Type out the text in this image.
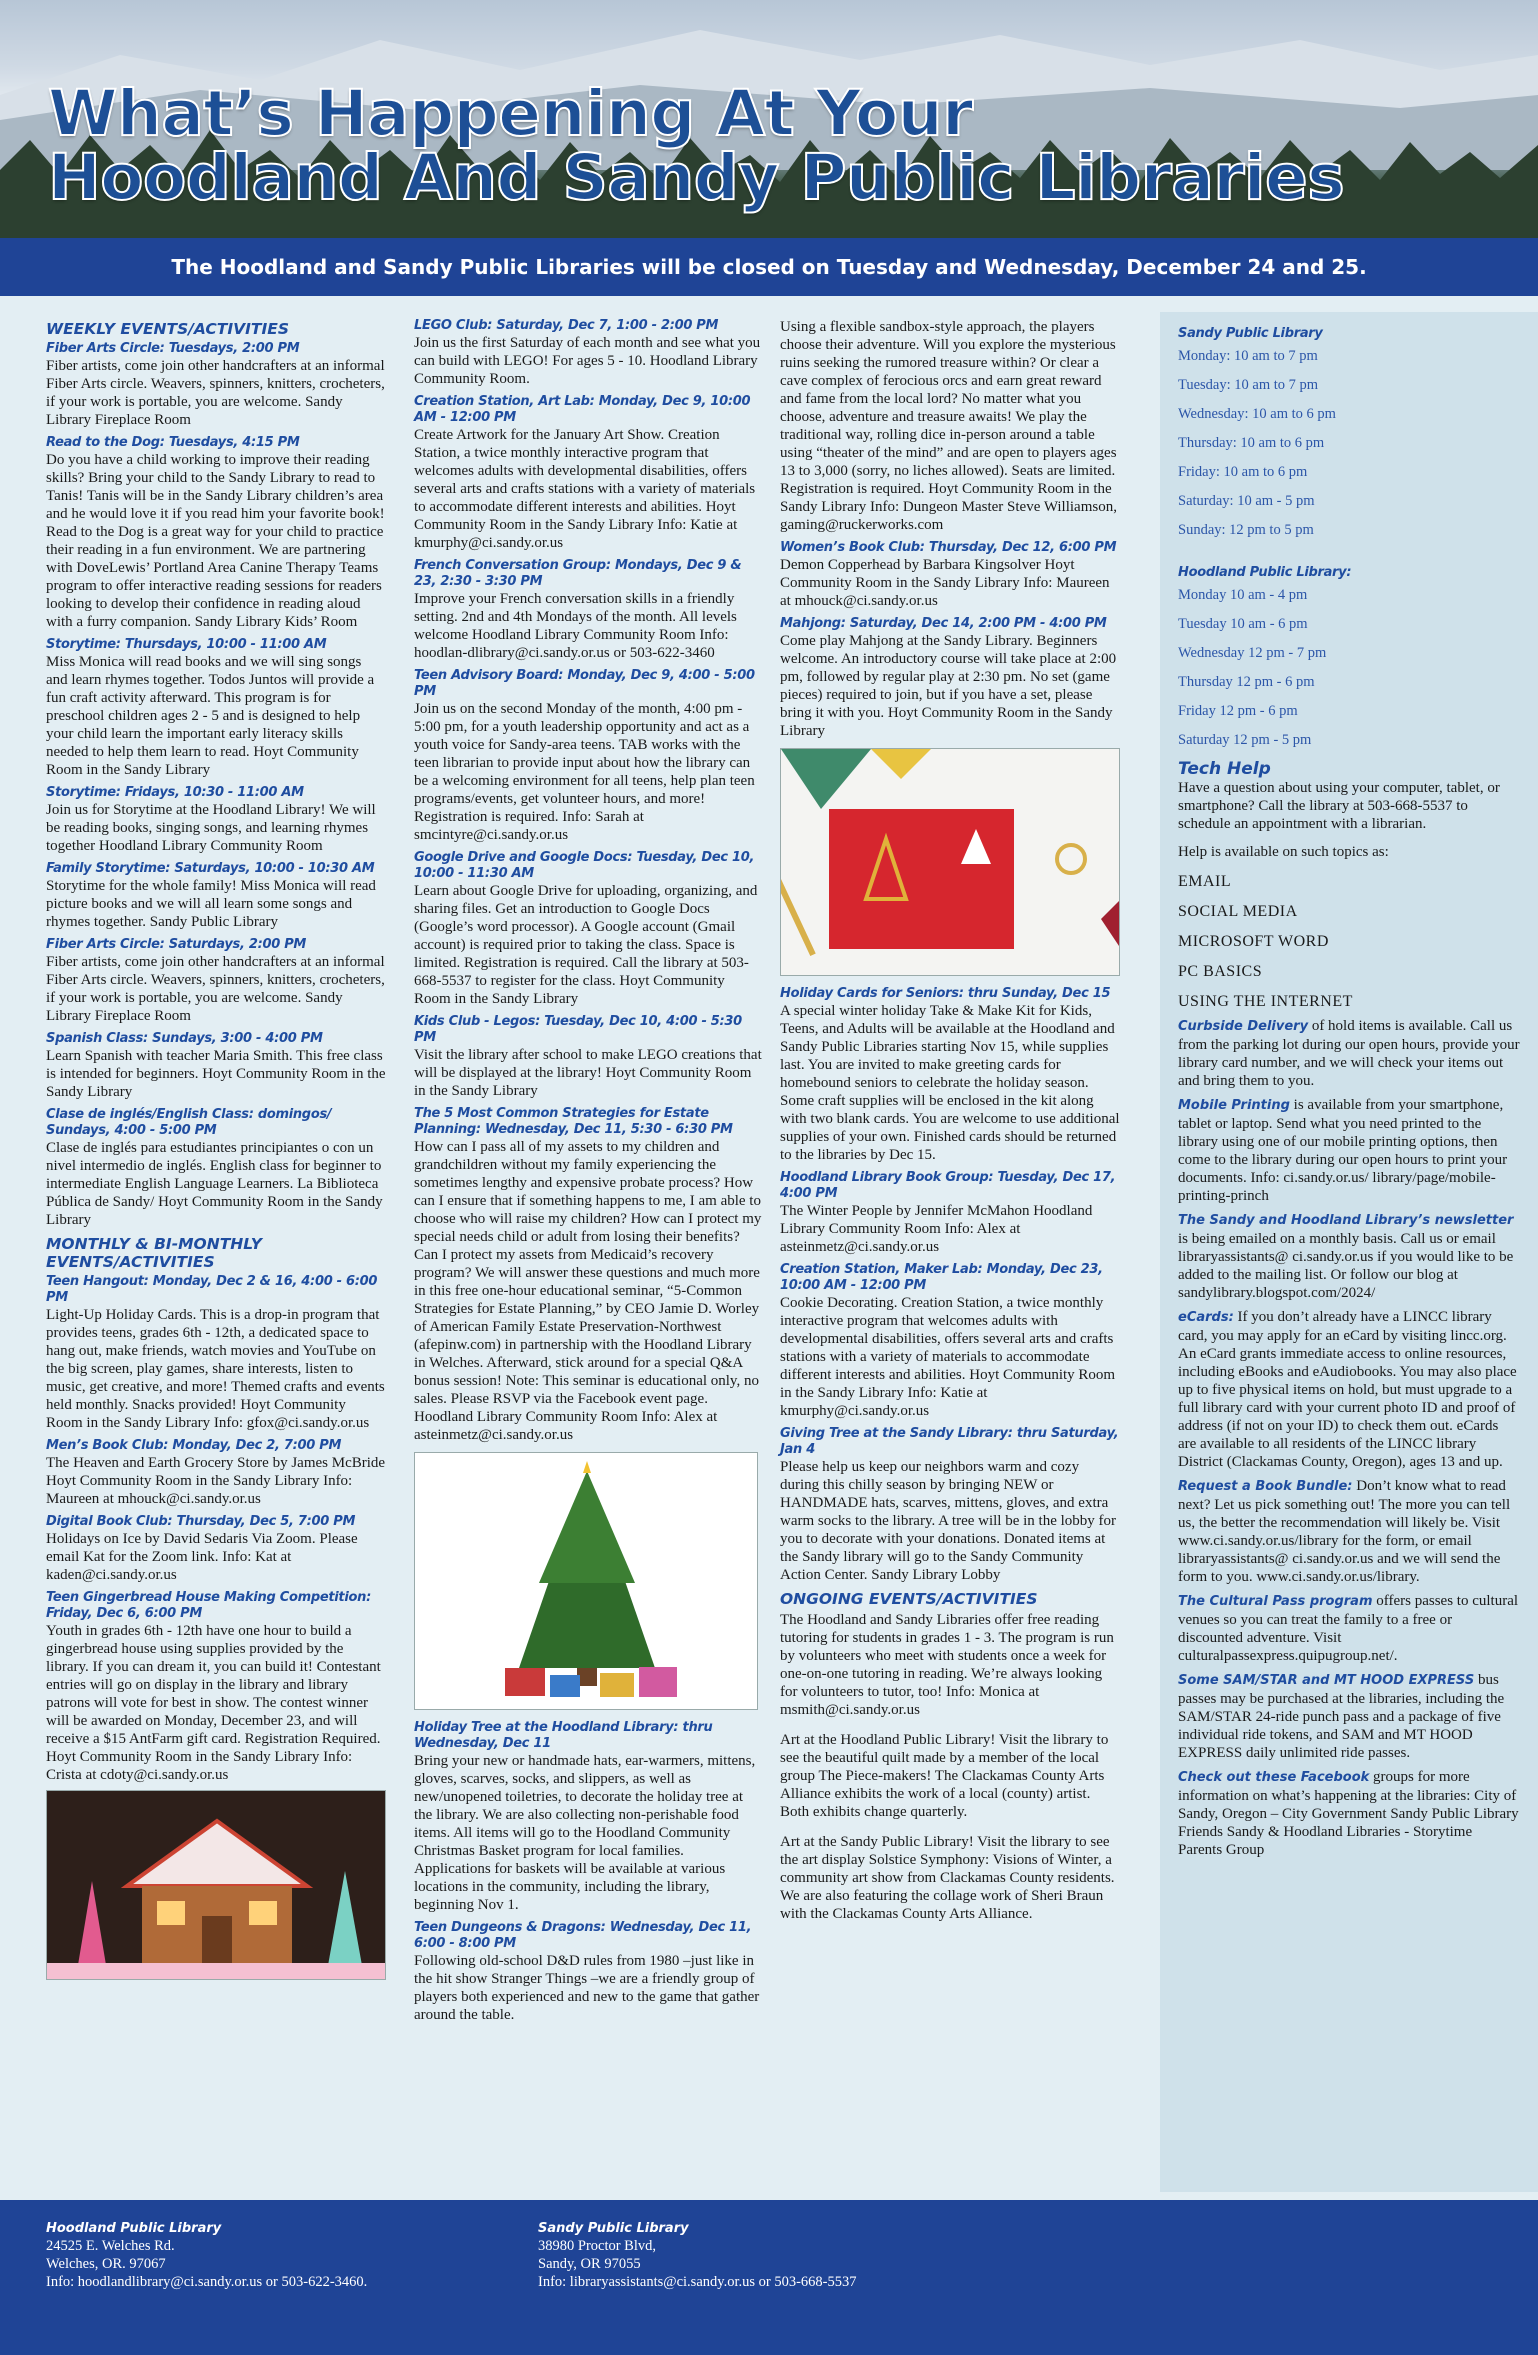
What’s Happening At Your
Hoodland And Sandy Public Libraries
The Hoodland and Sandy Public Libraries will be closed on Tuesday and Wednesday, December 24 and 25.
WEEKLY EVENTS/ACTIVITIES
Fiber Arts Circle: Tuesdays, 2:00 PM
Fiber artists, come join other handcrafters at an informal Fiber Arts circle. Weavers, spinners, knitters, crocheters, if your work is portable, you are welcome. Sandy Library Fireplace Room
Read to the Dog: Tuesdays, 4:15 PM
Do you have a child working to improve their reading skills? Bring your child to the Sandy Library to read to Tanis! Tanis will be in the Sandy Library children’s area and he would love it if you read him your favorite book! Read to the Dog is a great way for your child to practice their reading in a fun environment. We are partnering with DoveLewis’ Portland Area Canine Therapy Teams program to offer interactive reading sessions for readers looking to develop their confidence in reading aloud with a furry companion. Sandy Library Kids’ Room
Storytime: Thursdays, 10:00 - 11:00 AM
Miss Monica will read books and we will sing songs and learn rhymes together. Todos Juntos will provide a fun craft activity afterward. This program is for preschool children ages 2 - 5 and is designed to help your child learn the important early literacy skills needed to help them learn to read. Hoyt Community Room in the Sandy Library
Storytime: Fridays, 10:30 - 11:00 AM
Join us for Storytime at the Hoodland Library! We will be reading books, singing songs, and learning rhymes together Hoodland Library Community Room
Family Storytime: Saturdays, 10:00 - 10:30 AM
Storytime for the whole family! Miss Monica will read picture books and we will all learn some songs and rhymes together. Sandy Public Library
Fiber Arts Circle: Saturdays, 2:00 PM
Fiber artists, come join other handcrafters at an informal Fiber Arts circle. Weavers, spinners, knitters, crocheters, if your work is portable, you are welcome. Sandy Library Fireplace Room
Spanish Class: Sundays, 3:00 - 4:00 PM
Learn Spanish with teacher Maria Smith. This free class is intended for beginners. Hoyt Community Room in the Sandy Library
Clase de inglés/English Class: domingos/ Sundays, 4:00 - 5:00 PM
Clase de inglés para estudiantes principiantes o con un nivel intermedio de inglés. English class for beginner to intermediate English Language Learners. La Biblioteca Pública de Sandy/ Hoyt Community Room in the Sandy Library
MONTHLY & BI-MONTHLY EVENTS/ACTIVITIES
Teen Hangout: Monday, Dec 2 & 16, 4:00 - 6:00 PM
Light-Up Holiday Cards. This is a drop-in program that provides teens, grades 6th - 12th, a dedicated space to hang out, make friends, watch movies and YouTube on the big screen, play games, share interests, listen to music, get creative, and more! Themed crafts and events held monthly. Snacks provided! Hoyt Community Room in the Sandy Library Info: gfox@ci.sandy.or.us
Men’s Book Club: Monday, Dec 2, 7:00 PM
The Heaven and Earth Grocery Store by James McBride Hoyt Community Room in the Sandy Library Info: Maureen at mhouck@ci.sandy.or.us
Digital Book Club: Thursday, Dec 5, 7:00 PM
Holidays on Ice by David Sedaris Via Zoom. Please email Kat for the Zoom link. Info: Kat at kaden@ci.sandy.or.us
Teen Gingerbread House Making Competition: Friday, Dec 6, 6:00 PM
Youth in grades 6th - 12th have one hour to build a gingerbread house using supplies provided by the library. If you can dream it, you can build it! Contestant entries will go on display in the library and library patrons will vote for best in show. The contest winner will be awarded on Monday, December 23, and will receive a $15 AntFarm gift card. Registration Required. Hoyt Community Room in the Sandy Library Info: Crista at cdoty@ci.sandy.or.us
LEGO Club: Saturday, Dec 7, 1:00 - 2:00 PM
Join us the first Saturday of each month and see what you can build with LEGO! For ages 5 - 10. Hoodland Library Community Room.
Creation Station, Art Lab: Monday, Dec 9, 10:00 AM - 12:00 PM
Create Artwork for the January Art Show. Creation Station, a twice monthly interactive program that welcomes adults with developmental disabilities, offers several arts and crafts stations with a variety of materials to accommodate different interests and abilities. Hoyt Community Room in the Sandy Library Info: Katie at kmurphy@ci.sandy.or.us
French Conversation Group: Mondays, Dec 9 & 23, 2:30 - 3:30 PM
Improve your French conversation skills in a friendly setting. 2nd and 4th Mondays of the month. All levels welcome Hoodland Library Community Room Info: hoodlan-dlibrary@ci.sandy.or.us or 503-622-3460
Teen Advisory Board: Monday, Dec 9, 4:00 - 5:00 PM
Join us on the second Monday of the month, 4:00 pm - 5:00 pm, for a youth leadership opportunity and act as a youth voice for Sandy-area teens. TAB works with the teen librarian to provide input about how the library can be a welcoming environment for all teens, help plan teen programs/events, get volunteer hours, and more! Registration is required. Info: Sarah at smcintyre@ci.sandy.or.us
Google Drive and Google Docs: Tuesday, Dec 10, 10:00 - 11:30 AM
Learn about Google Drive for uploading, organizing, and sharing files. Get an introduction to Google Docs (Google’s word processor). A Google account (Gmail account) is required prior to taking the class. Space is limited. Registration is required. Call the library at 503-668-5537 to register for the class. Hoyt Community Room in the Sandy Library
Kids Club - Legos: Tuesday, Dec 10, 4:00 - 5:30 PM
Visit the library after school to make LEGO creations that will be displayed at the library! Hoyt Community Room in the Sandy Library
The 5 Most Common Strategies for Estate Planning: Wednesday, Dec 11, 5:30 - 6:30 PM
How can I pass all of my assets to my children and grandchildren without my family experiencing the sometimes lengthy and expensive probate process? How can I ensure that if something happens to me, I am able to choose who will raise my children? How can I protect my special needs child or adult from losing their benefits? Can I protect my assets from Medicaid’s recovery program? We will answer these questions and much more in this free one-hour educational seminar, “5-Common Strategies for Estate Planning,” by CEO Jamie D. Worley of American Family Estate Preservation-Northwest (afepinw.com) in partnership with the Hoodland Library in Welches. Afterward, stick around for a special Q&A bonus session! Note: This seminar is educational only, no sales. Please RSVP via the Facebook event page. Hoodland Library Community Room Info: Alex at asteinmetz@ci.sandy.or.us
Holiday Tree at the Hoodland Library: thru Wednesday, Dec 11
Bring your new or handmade hats, ear-warmers, mittens, gloves, scarves, socks, and slippers, as well as new/unopened toiletries, to decorate the holiday tree at the library. We are also collecting non-perishable food items. All items will go to the Hoodland Community Christmas Basket program for local families. Applications for baskets will be available at various locations in the community, including the library, beginning Nov 1.
Teen Dungeons & Dragons: Wednesday, Dec 11, 6:00 - 8:00 PM
Following old-school D&D rules from 1980 –just like in the hit show Stranger Things –we are a friendly group of players both experienced and new to the game that gather around the table.
Using a flexible sandbox-style approach, the players choose their adventure. Will you explore the mysterious ruins seeking the rumored treasure within? Or clear a cave complex of ferocious orcs and earn great reward and fame from the local lord? No matter what you choose, adventure and treasure awaits! We play the traditional way, rolling dice in-person around a table using “theater of the mind” and are open to players ages 13 to 3,000 (sorry, no liches allowed). Seats are limited. Registration is required. Hoyt Community Room in the Sandy Library Info: Dungeon Master Steve Williamson, gaming@ruckerworks.com
Women’s Book Club: Thursday, Dec 12, 6:00 PM
Demon Copperhead by Barbara Kingsolver Hoyt Community Room in the Sandy Library Info: Maureen at mhouck@ci.sandy.or.us
Mahjong: Saturday, Dec 14, 2:00 PM - 4:00 PM
Come play Mahjong at the Sandy Library. Beginners welcome. An introductory course will take place at 2:00 pm, followed by regular play at 2:30 pm. No set (game pieces) required to join, but if you have a set, please bring it with you. Hoyt Community Room in the Sandy Library
Holiday Cards for Seniors: thru Sunday, Dec 15
A special winter holiday Take & Make Kit for Kids, Teens, and Adults will be available at the Hoodland and Sandy Public Libraries starting Nov 15, while supplies last. You are invited to make greeting cards for homebound seniors to celebrate the holiday season. Some craft supplies will be enclosed in the kit along with two blank cards. You are welcome to use additional supplies of your own. Finished cards should be returned to the libraries by Dec 15.
Hoodland Library Book Group: Tuesday, Dec 17, 4:00 PM
The Winter People by Jennifer McMahon Hoodland Library Community Room Info: Alex at asteinmetz@ci.sandy.or.us
Creation Station, Maker Lab: Monday, Dec 23, 10:00 AM - 12:00 PM
Cookie Decorating. Creation Station, a twice monthly interactive program that welcomes adults with developmental disabilities, offers several arts and crafts stations with a variety of materials to accommodate different interests and abilities. Hoyt Community Room in the Sandy Library Info: Katie at kmurphy@ci.sandy.or.us
Giving Tree at the Sandy Library: thru Saturday, Jan 4
Please help us keep our neighbors warm and cozy during this chilly season by bringing NEW or HANDMADE hats, scarves, mittens, gloves, and extra warm socks to the library. A tree will be in the lobby for you to decorate with your donations. Donated items at the Sandy library will go to the Sandy Community Action Center. Sandy Library Lobby
ONGOING EVENTS/ACTIVITIES
The Hoodland and Sandy Libraries offer free reading tutoring for students in grades 1 - 3. The program is run by volunteers who meet with students once a week for one-on-one tutoring in reading. We’re always looking for volunteers to tutor, too! Info: Monica at msmith@ci.sandy.or.us
Art at the Hoodland Public Library! Visit the library to see the beautiful quilt made by a member of the local group The Piece-makers! The Clackamas County Arts Alliance exhibits the work of a local (county) artist. Both exhibits change quarterly.
Art at the Sandy Public Library! Visit the library to see the art display Solstice Symphony: Visions of Winter, a community art show from Clackamas County residents. We are also featuring the collage work of Sheri Braun with the Clackamas County Arts Alliance.
Sandy Public Library
Monday: 10 am to 7 pm
Tuesday: 10 am to 7 pm
Wednesday: 10 am to 6 pm
Thursday: 10 am to 6 pm
Friday: 10 am to 6 pm
Saturday: 10 am - 5 pm
Sunday: 12 pm to 5 pm
Hoodland Public Library:
Monday 10 am - 4 pm
Tuesday 10 am - 6 pm
Wednesday 12 pm - 7 pm
Thursday 12 pm - 6 pm
Friday 12 pm - 6 pm
Saturday 12 pm - 5 pm
Tech Help
Have a question about using your computer, tablet, or smartphone? Call the library at 503-668-5537 to schedule an appointment with a librarian.
Help is available on such topics as:
EMAIL
SOCIAL MEDIA
MICROSOFT WORD
PC BASICS
USING THE INTERNET
Curbside Delivery of hold items is available. Call us from the parking lot during our open hours, provide your library card number, and we will check your items out and bring them to you.
Mobile Printing is available from your smartphone, tablet or laptop. Send what you need printed to the library using one of our mobile printing options, then come to the library during our open hours to print your documents. Info: ci.sandy.or.us/ library/page/mobile-printing-princh
The Sandy and Hoodland Library’s newsletter is being emailed on a monthly basis. Call us or email libraryassistants@ ci.sandy.or.us if you would like to be added to the mailing list. Or follow our blog at sandylibrary.blogspot.com/2024/
eCards: If you don’t already have a LINCC library card, you may apply for an eCard by visiting lincc.org. An eCard grants immediate access to online resources, including eBooks and eAudiobooks. You may also place up to five physical items on hold, but must upgrade to a full library card with your current photo ID and proof of address (if not on your ID) to check them out. eCards are available to all residents of the LINCC library District (Clackamas County, Oregon), ages 13 and up.
Request a Book Bundle: Don’t know what to read next? Let us pick something out! The more you can tell us, the better the recommendation will likely be. Visit www.ci.sandy.or.us/library for the form, or email libraryassistants@ ci.sandy.or.us and we will send the form to you. www.ci.sandy.or.us/library.
The Cultural Pass program offers passes to cultural venues so you can treat the family to a free or discounted adventure. Visit culturalpassexpress.quipugroup.net/.
Some SAM/STAR and MT HOOD EXPRESS bus passes may be purchased at the libraries, including the SAM/STAR 24-ride punch pass and a package of five individual ride tokens, and SAM and MT HOOD EXPRESS daily unlimited ride passes.
Check out these Facebook groups for more information on what’s happening at the libraries: City of Sandy, Oregon – City Government Sandy Public Library Friends Sandy & Hoodland Libraries - Storytime Parents Group
Hoodland Public Library
24525 E. Welches Rd.
Welches, OR. 97067
Info: hoodlandlibrary@ci.sandy.or.us or 503-622-3460.
Sandy Public Library
38980 Proctor Blvd,
Sandy, OR 97055
Info: libraryassistants@ci.sandy.or.us or 503-668-5537
